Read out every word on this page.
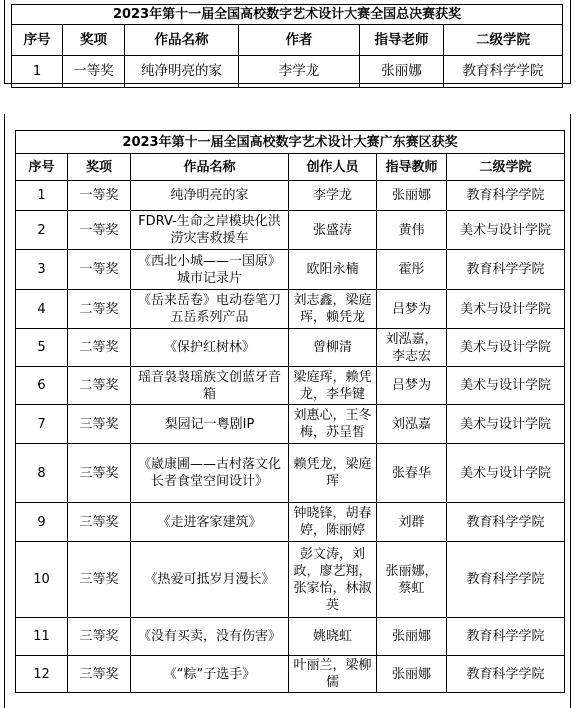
2023年第十一届全国高校数字艺术设计大赛全国总决赛获奖					
序号	奖项	作品名称	作者	指导老师	二级学院
1	一等奖	纯净明亮的家	李学龙	张丽娜	教育科学学院
2023年第十一届全国高校数字艺术设计大赛广东赛区获奖					
序号	奖项	作品名称	创作人员	指导教师	二级学院
1	一等奖	纯净明亮的家	李学龙	张丽娜	教育科学学院
2	一等奖	FDRV-生命之岸模块化洪涝灾害救援车	张盛涛	黄伟	美术与设计学院
3	一等奖	《西北小城——一国原》城市记录片	欧阳永楠	霍彤	教育科学学院
4	二等奖	《岳来岳卷》电动卷笔刀五岳系列产品	刘志鑫，梁庭珲，赖凭龙	吕梦为	美术与设计学院
5	二等奖	《保护红树林》	曾柳清	刘泓嘉，李志宏	美术与设计学院
6	二等奖	瑶音袅袅瑶族文创蓝牙音箱	梁庭珲，赖凭龙，李华键	吕梦为	美术与设计学院
7	三等奖	梨园记一粤剧IP	刘惠心，王冬梅，苏呈皙	刘泓嘉	美术与设计学院
8	三等奖	《崴康圃——古村落文化长者食堂空间设计》	赖凭龙，梁庭珲	张春华	美术与设计学院
9	三等奖	《走进客家建筑》	钟晓锋，胡春婷，陈丽婷	刘群	教育科学学院
10	三等奖	《热爱可抵岁月漫长》	彭文涛，刘政，廖艺翔，张家怡，林淑英	张丽娜，蔡虹	教育科学学院
11	三等奖	《没有买卖，没有伤害》	姚晓虹	张丽娜	教育科学学院
12	三等奖	《“粽”子选手》	叶丽兰，梁柳儒	张丽娜	教育科学学院
